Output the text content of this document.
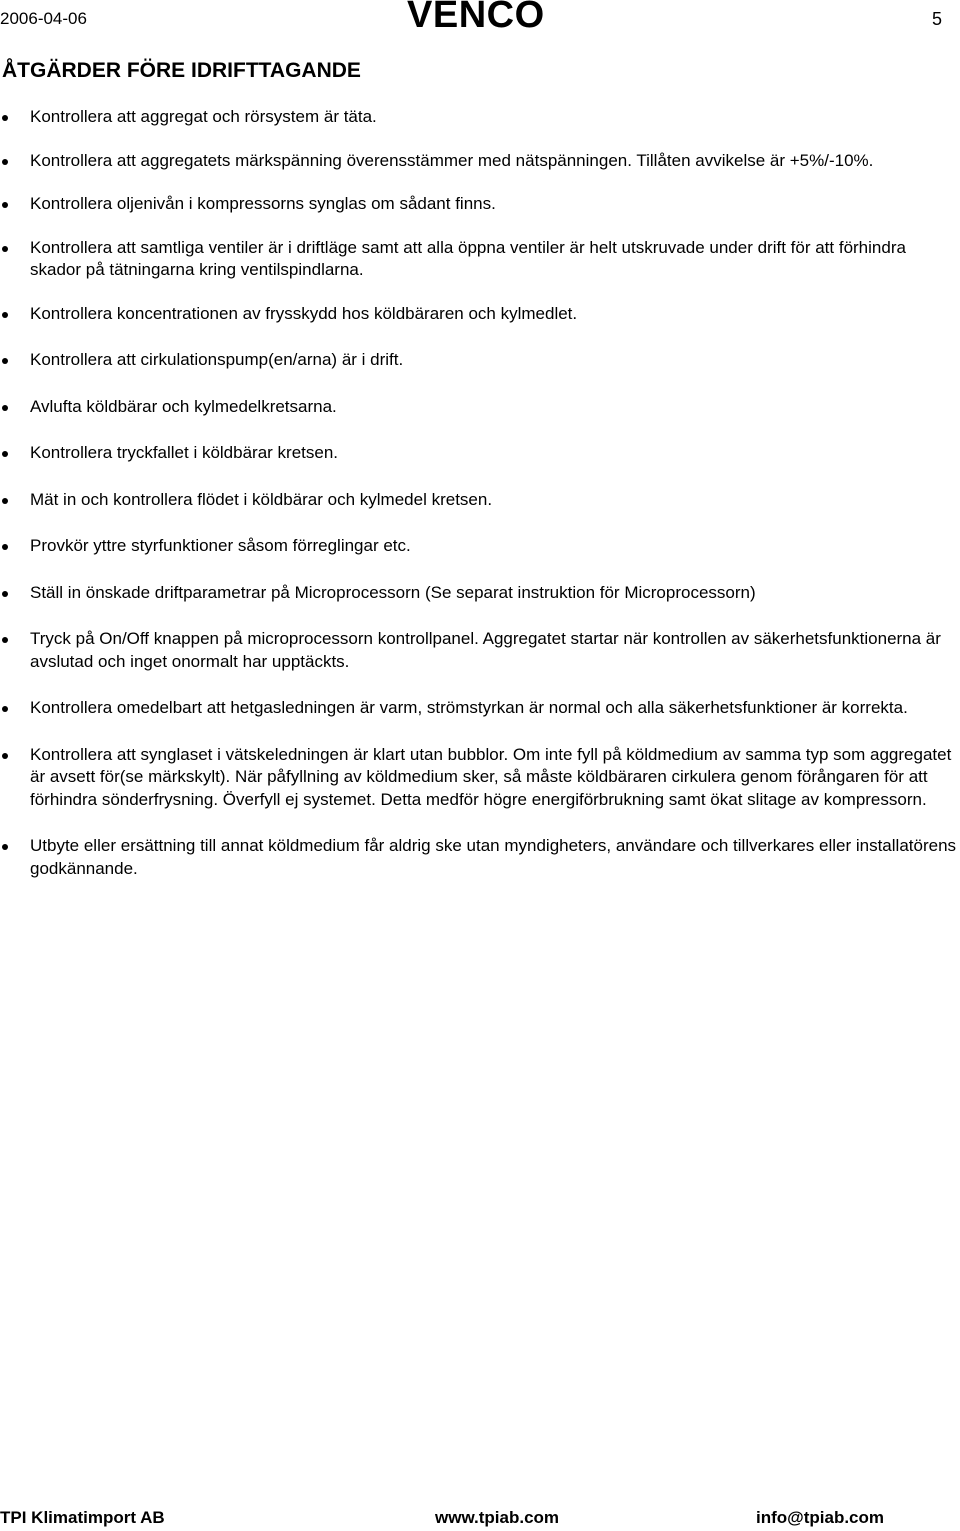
2006-04-06	VENCO	5
ÅTGÄRDER FÖRE IDRIFTTAGANDE
Kontrollera att aggregat och rörsystem är täta.
Kontrollera att aggregatets märkspänning överensstämmer med nätspänningen. Tillåten avvikelse är +5%/-10%.
Kontrollera oljenivån i kompressorns synglas om sådant finns.
Kontrollera att samtliga ventiler är i driftläge samt att alla öppna ventiler är helt utskruvade under drift för att förhindra skador på tätningarna kring ventilspindlarna.
Kontrollera koncentrationen av frysskydd hos köldbäraren och kylmedlet.
Kontrollera att cirkulationspump(en/arna) är i drift.
Avlufta köldbärar och kylmedelkretsarna.
Kontrollera tryckfallet i köldbärar kretsen.
Mät in och kontrollera flödet i köldbärar och kylmedel kretsen.
Provkör yttre styrfunktioner såsom förreglingar etc.
Ställ in önskade driftparametrar på Microprocessorn (Se separat instruktion för Microprocessorn)
Tryck på On/Off knappen på microprocessorn kontrollpanel. Aggregatet startar när kontrollen av säkerhetsfunktionerna är avslutad och inget onormalt har upptäckts.
Kontrollera omedelbart att hetgasledningen är varm, strömstyrkan är normal och alla säkerhetsfunktioner är korrekta.
Kontrollera att synglaset i vätskeledningen är klart utan bubblor. Om inte fyll på köldmedium av samma typ som aggregatet är avsett för(se märkskylt). När påfyllning av köldmedium sker, så måste köldbäraren cirkulera genom förångaren för att förhindra sönderfrysning. Överfyll ej systemet. Detta medför högre energiförbrukning samt ökat slitage av kompressorn.
Utbyte eller ersättning till annat köldmedium får aldrig ske utan myndigheters, användare och tillverkares eller installatörens godkännande.
TPI Klimatimport AB	www.tpiab.com	info@tpiab.com
